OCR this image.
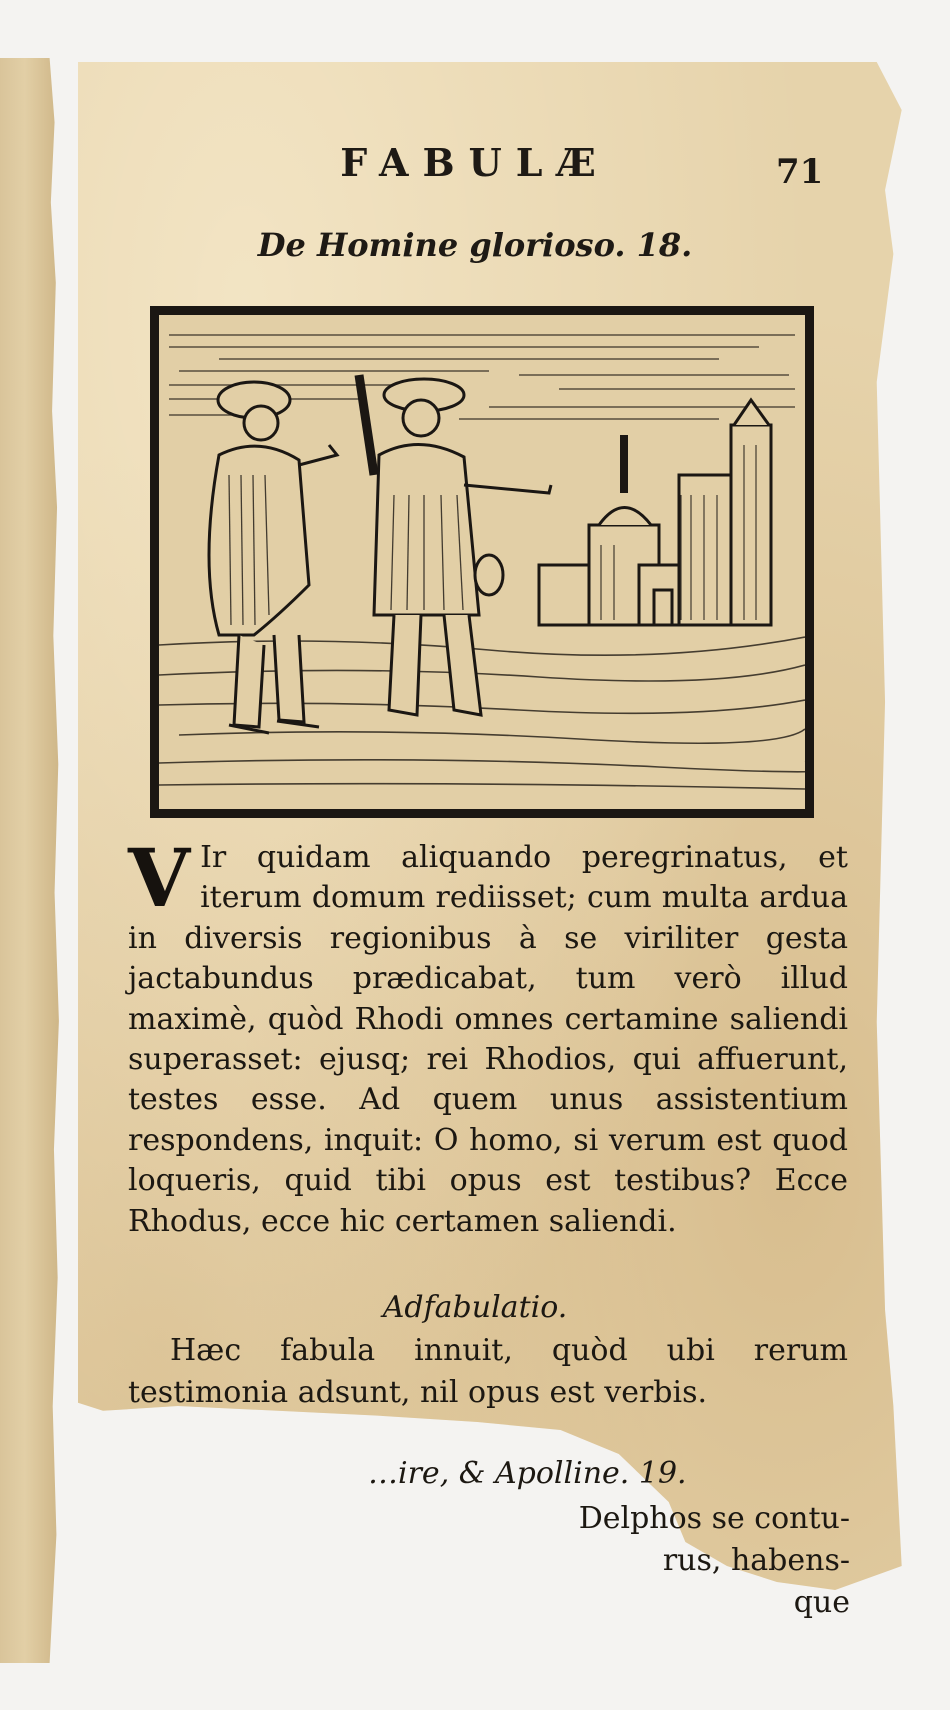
FABULÆ	71
De Homine glorioso. 18.
V Ir quidam aliquando peregrinatus, et iterum domum rediisset; cum multa ardua in diversis regionibus à se viriliter gesta jactabundus prædicabat, tum verò illud maximè, quòd Rhodi omnes certamine saliendi superasset: ejusq; rei Rhodios, qui affuerunt, testes esse. Ad quem unus assistentium respondens, inquit: O homo, si verum est quod loqueris, quid tibi opus est testibus? Ecce Rhodus, ecce hic certamen saliendi.
Adfabulatio.
Hæc fabula innuit, quòd ubi rerum testimonia adsunt, nil opus est verbis.
…ire, & Apolline. 19.
Delphos se contu-
rus, habens-
que
